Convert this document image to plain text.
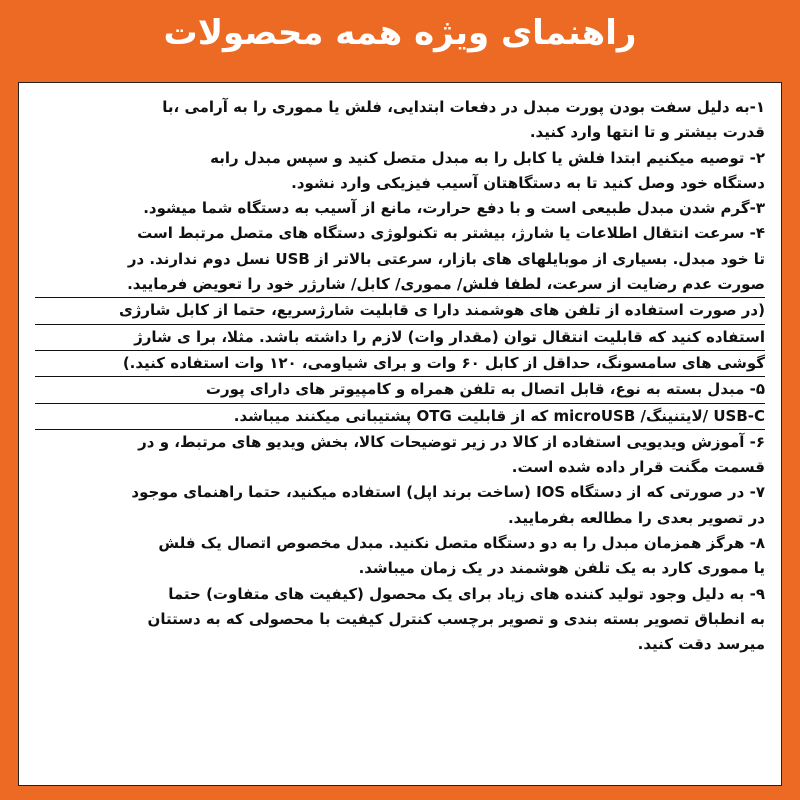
راهنمای ویژه همه محصولات
۱-به دلیل سفت بودن پورت مبدل در دفعات ابتدایی، فلش یا مموری را به آرامی ،با
قدرت بیشتر و تا انتها وارد کنید.
۲- توصیه میکنیم ابتدا فلش یا کابل را به مبدل متصل کنید و سپس مبدل رابه
دستگاه خود وصل کنید تا به دستگاهتان آسیب فیزیکی وارد نشود.
۳-گرم شدن مبدل طبیعی است و با دفع حرارت، مانع از آسیب به دستگاه شما میشود.
۴- سرعت انتقال اطلاعات یا شارژ، بیشتر به تکنولوژی دستگاه های متصل مرتبط است
تا خود مبدل. بسیاری از موبایلهای های بازار، سرعتی بالاتر از USB نسل دوم ندارند. در
صورت عدم رضایت از سرعت، لطفا فلش/ مموری/ کابل/ شارژر خود را تعویض فرمایید.
(در صورت استفاده از تلفن های هوشمند دارا ی قابلیت شارژسریع، حتما از کابل شارژی
استفاده کنید که قابلیت انتقال توان (مقدار وات) لازم را داشته باشد. مثلا، برا ی شارژ
گوشی های سامسونگ، حداقل از کابل ۶۰ وات و برای شیاومی، ۱۲۰ وات استفاده کنید.)
۵- مبدل بسته به نوع، قابل اتصال به تلفن همراه و کامپیوتر های دارای پورت
USB-C /لایتنینگ/ microUSB که از قابلیت OTG پشتیبانی میکنند میباشد.
۶- آموزش ویدیویی استفاده از کالا در زیر توضیحات کالا، بخش ویدیو های مرتبط، و در
قسمت مگنت قرار داده شده است.
۷- در صورتی که از دستگاه IOS (ساخت برند اپل) استفاده میکنید، حتما راهنمای موجود
در تصویر بعدی را مطالعه بفرمایید.
۸- هرگز همزمان مبدل را به دو دستگاه متصل نکنید. مبدل مخصوص اتصال یک فلش
یا مموری کارد به یک تلفن هوشمند در یک زمان میباشد.
۹- به دلیل وجود تولید کننده های زیاد برای یک محصول (کیفیت های متفاوت) حتما
به انطباق تصویر بسته بندی و تصویر برچسب کنترل کیفیت با محصولی که به دستتان
میرسد دقت کنید.
